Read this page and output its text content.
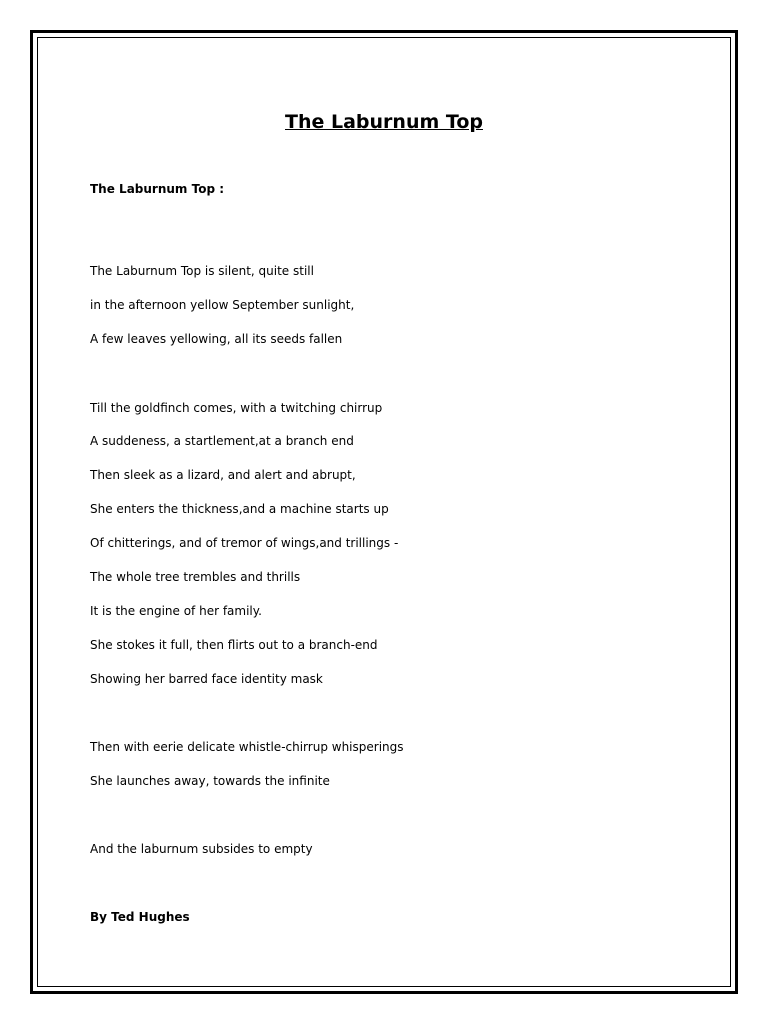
The Laburnum Top
The Laburnum Top :
The Laburnum Top is silent, quite still
in the afternoon yellow September sunlight,
A few leaves yellowing, all its seeds fallen
Till the goldfinch comes, with a twitching chirrup
A suddeness, a startlement,at a branch end
Then sleek as a lizard, and alert and abrupt,
She enters the thickness,and a machine starts up
Of chitterings, and of tremor of wings,and trillings -
The whole tree trembles and thrills
It is the engine of her family.
She stokes it full, then flirts out to a branch-end
Showing her barred face identity mask
Then with eerie delicate whistle-chirrup whisperings
She launches away, towards the infinite
And the laburnum subsides to empty
By Ted Hughes
